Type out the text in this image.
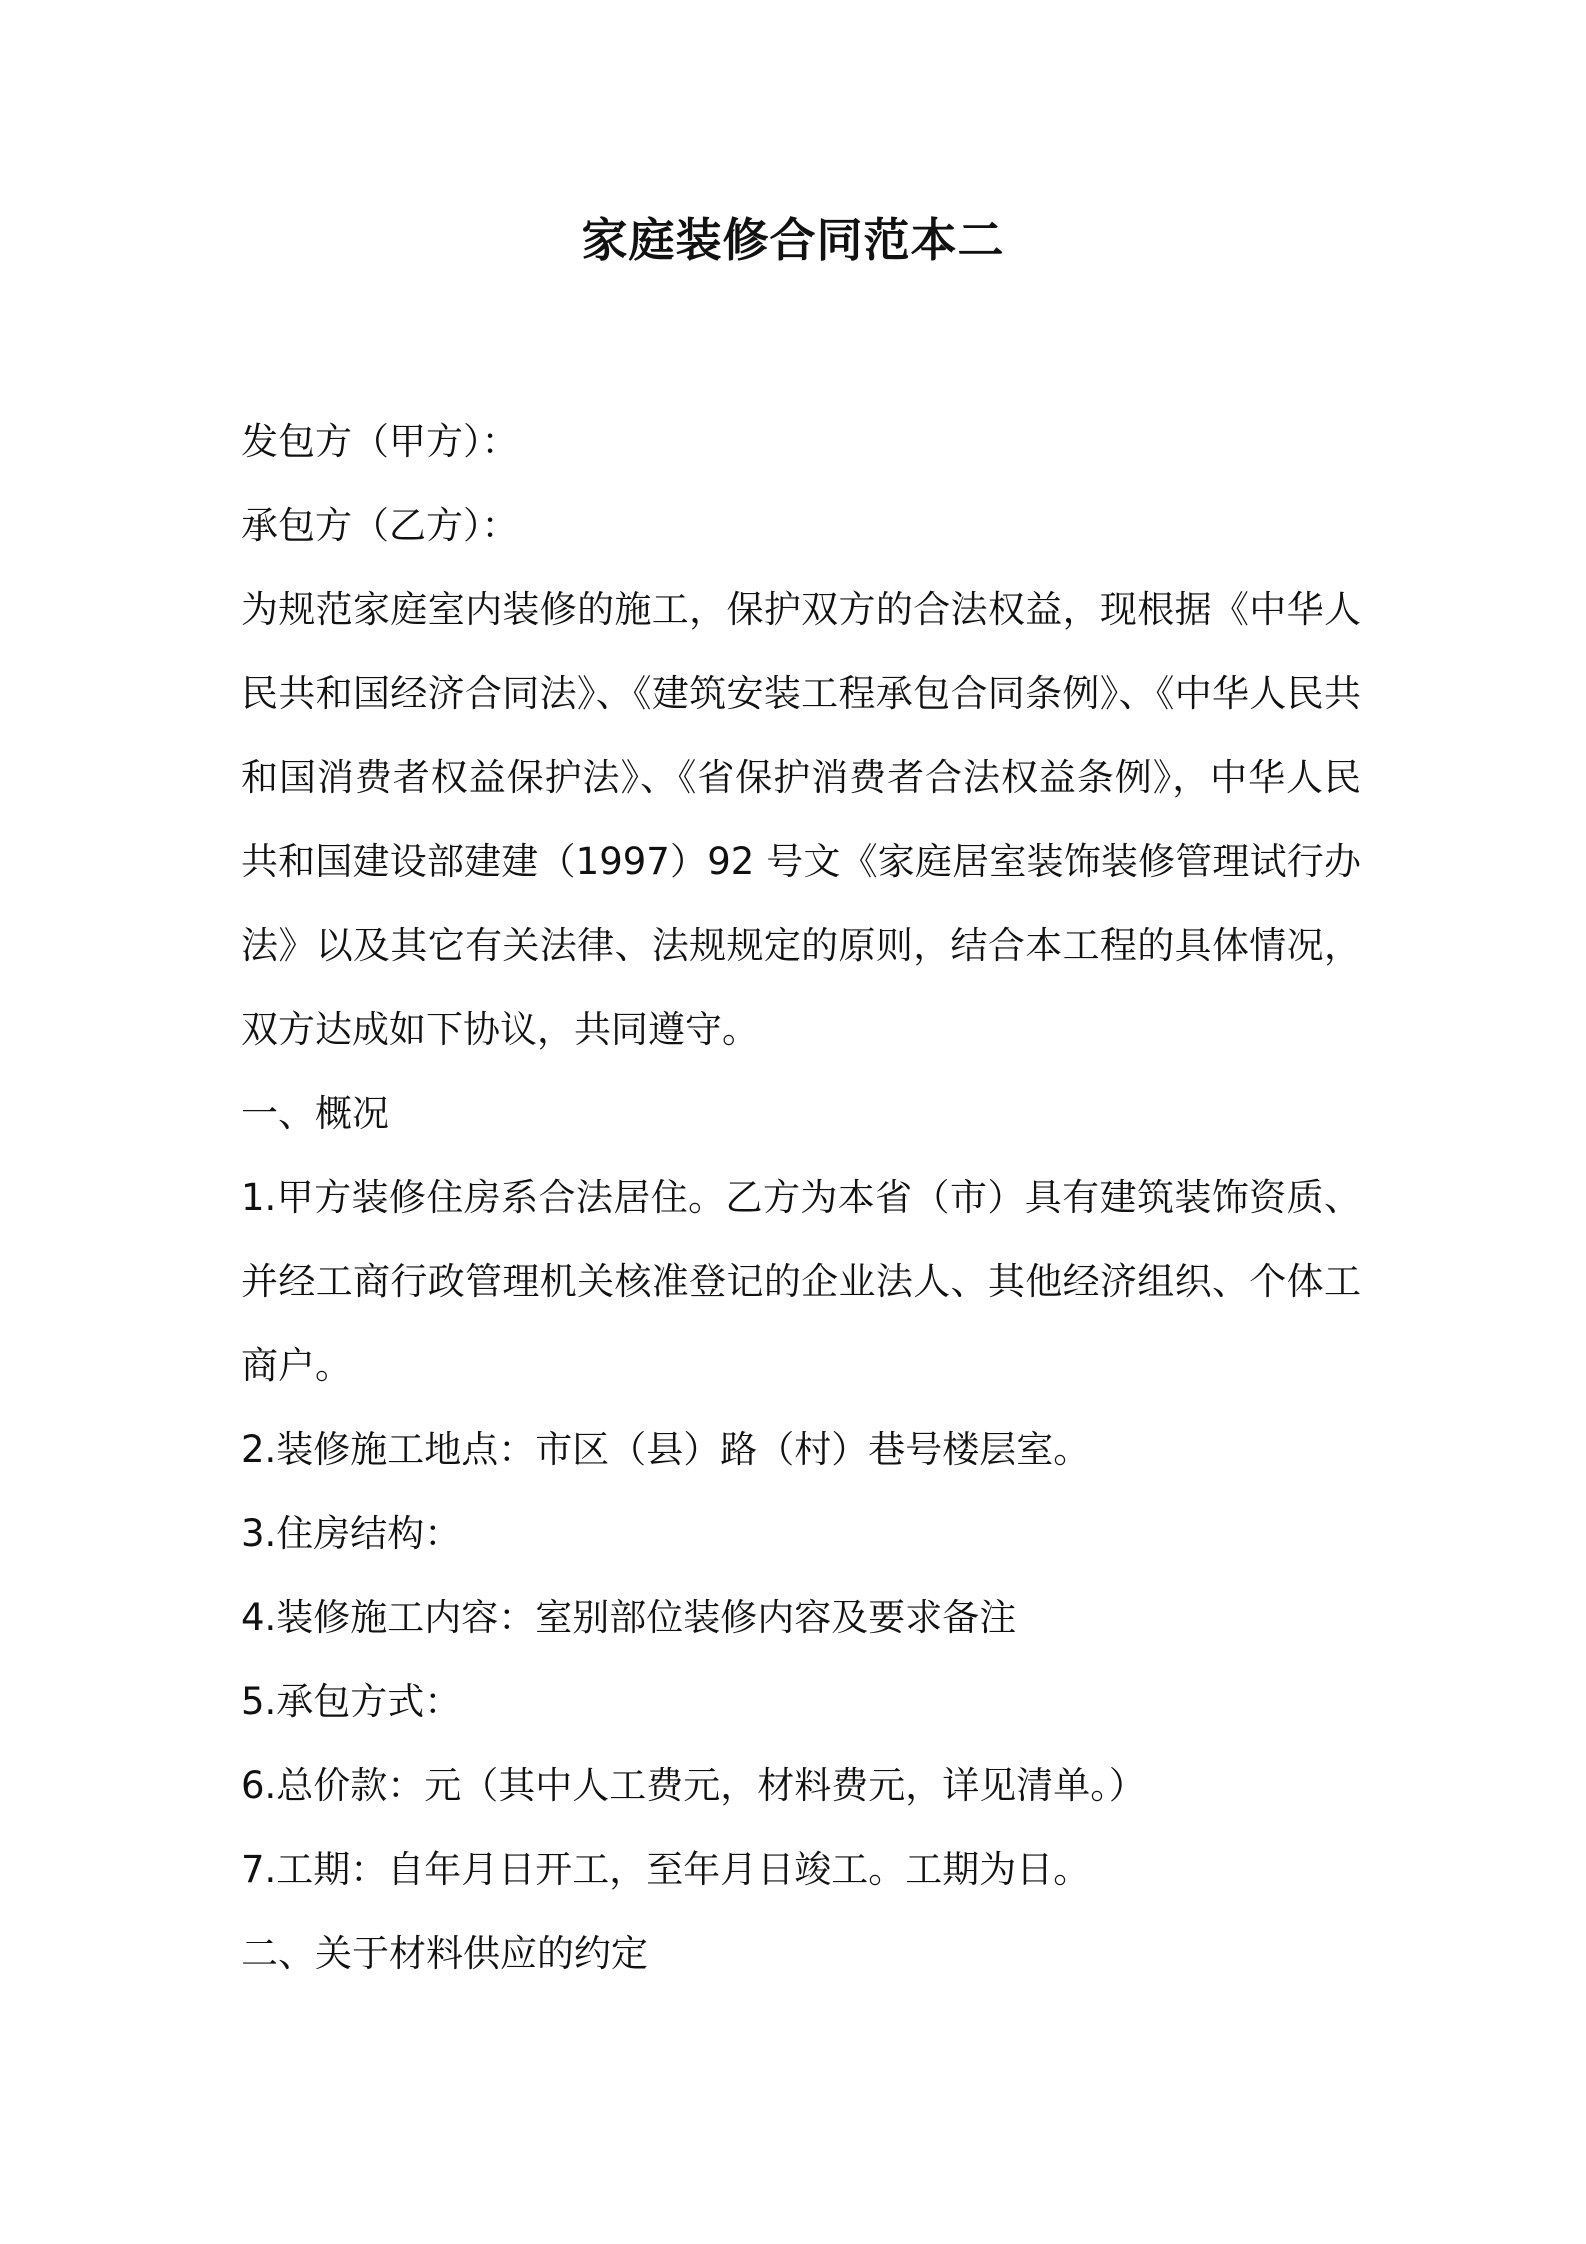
家庭装修合同范本二
发包方（甲方）：
承包方（乙方）：
为规范家庭室内装修的施工，保护双方的合法权益，现根据《中华人
民共和国经济合同法》、《建筑安装工程承包合同条例》、《中华人民共
和国消费者权益保护法》、《省保护消费者合法权益条例》，中华人民
共和国建设部建建（1997）92 号文《家庭居室装饰装修管理试行办
法》以及其它有关法律、法规规定的原则，结合本工程的具体情况，
双方达成如下协议，共同遵守。
一、概况
1.甲方装修住房系合法居住。乙方为本省（市）具有建筑装饰资质、
并经工商行政管理机关核准登记的企业法人、其他经济组织、个体工
商户。
2.装修施工地点：市区（县）路（村）巷号楼层室。
3.住房结构：
4.装修施工内容：室别部位装修内容及要求备注
5.承包方式：
6.总价款：元（其中人工费元，材料费元，详见清单。）
7.工期：自年月日开工，至年月日竣工。工期为日。
二、关于材料供应的约定
